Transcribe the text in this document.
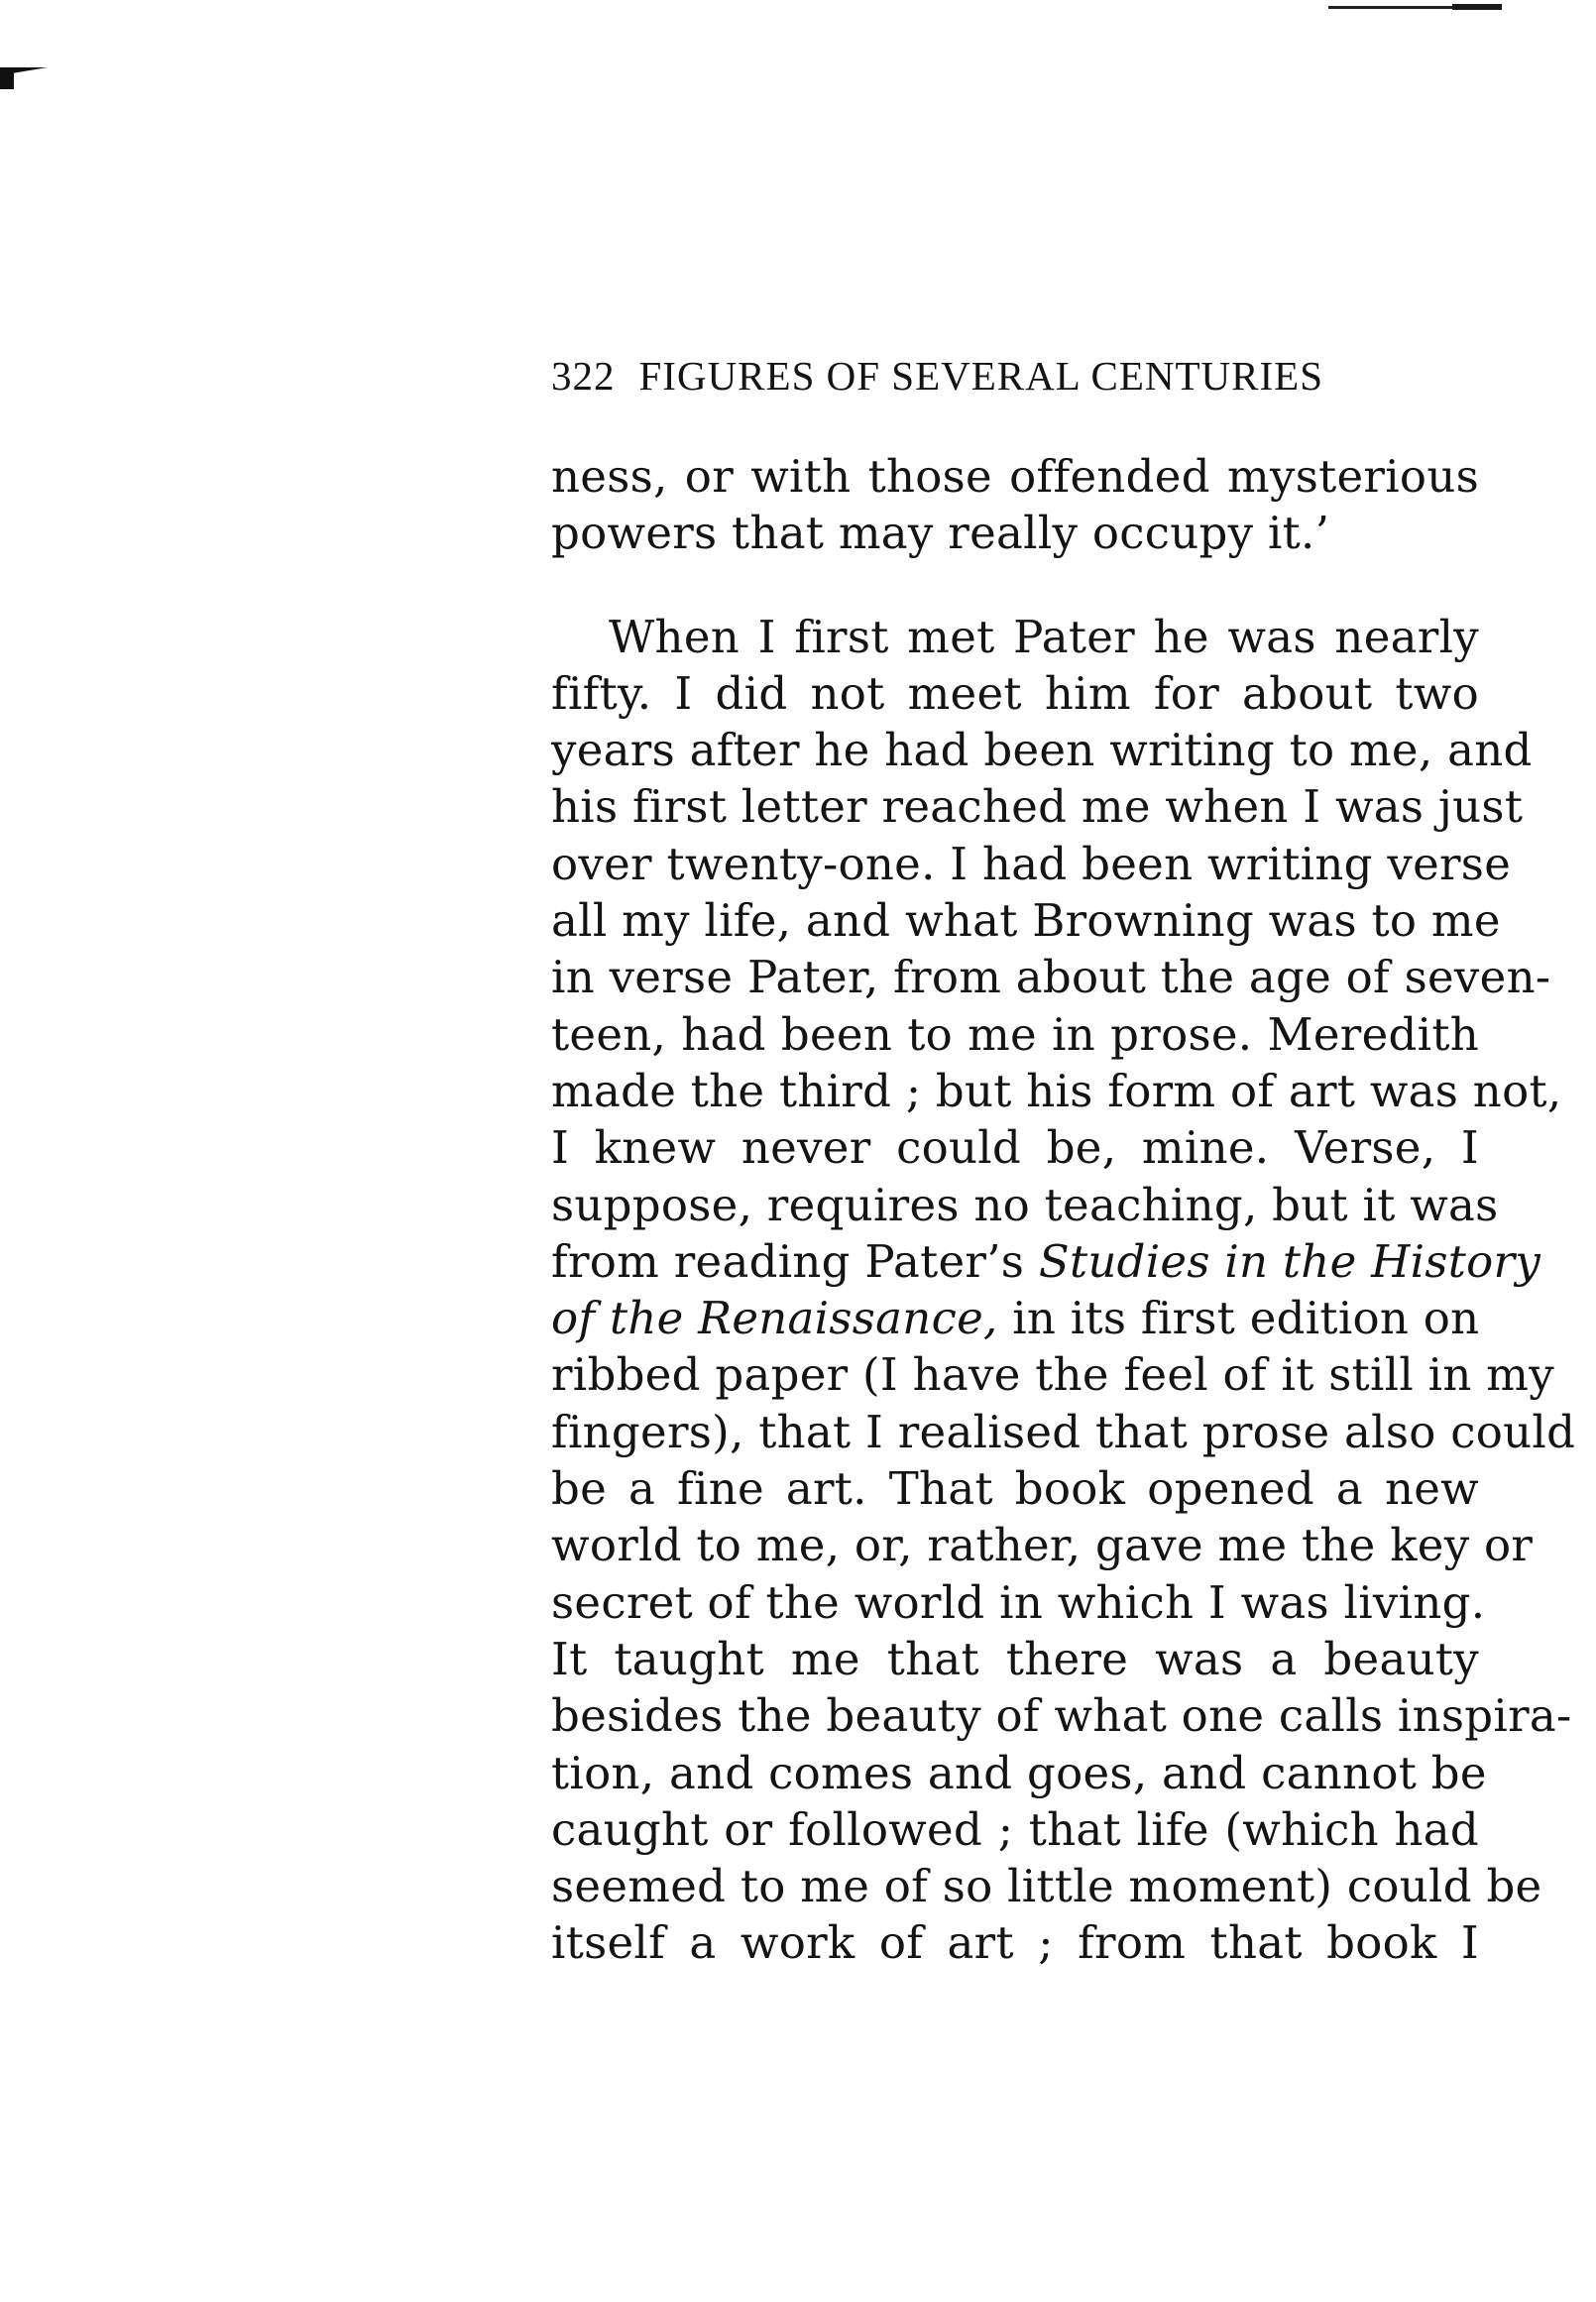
322 FIGURES OF SEVERAL CENTURIES
ness, or with those offended mysterious
powers that may really occupy it.’
When I first met Pater he was nearly
fifty. I did not meet him for about two
years after he had been writing to me, and
his first letter reached me when I was just
over twenty-one. I had been writing verse
all my life, and what Browning was to me
in verse Pater, from about the age of seven-
teen, had been to me in prose. Meredith
made the third ; but his form of art was not,
I knew never could be, mine. Verse, I
suppose, requires no teaching, but it was
from reading Pater’s Studies in the History
of the Renaissance, in its first edition on
ribbed paper (I have the feel of it still in my
fingers), that I realised that prose also could
be a fine art. That book opened a new
world to me, or, rather, gave me the key or
secret of the world in which I was living.
It taught me that there was a beauty
besides the beauty of what one calls inspira-
tion, and comes and goes, and cannot be
caught or followed ; that life (which had
seemed to me of so little moment) could be
itself a work of art ; from that book I
